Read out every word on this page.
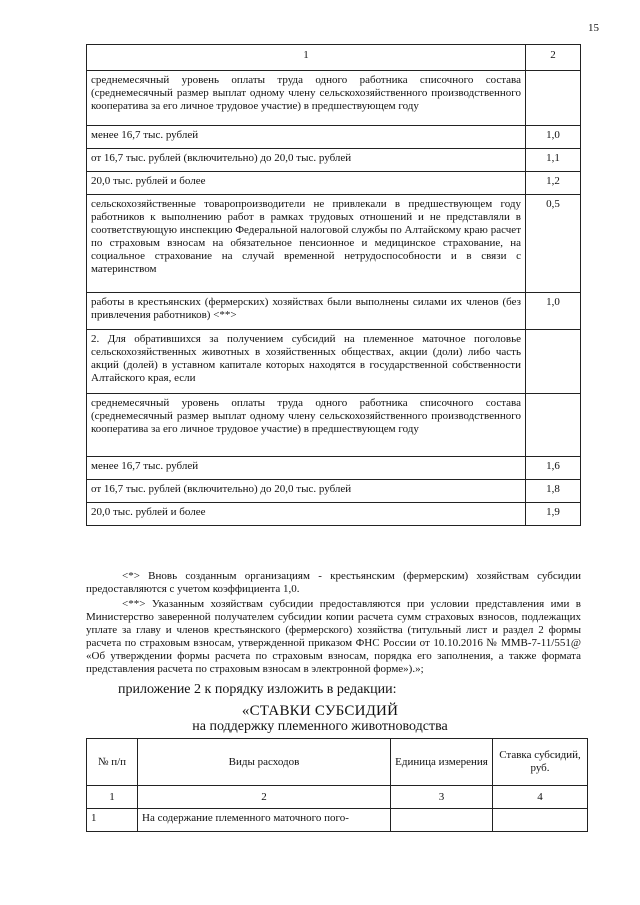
15
1	2
среднемесячный уровень оплаты труда одного работника списочного состава (среднемесячный размер выплат одному члену сельскохозяйственного производственного кооператива за его личное трудовое участие) в предшествующем году	
менее 16,7 тыс. рублей	1,0
от 16,7 тыс. рублей (включительно) до 20,0 тыс. рублей	1,1
20,0 тыс. рублей и более	1,2
сельскохозяйственные товаропроизводители не привлекали в предшествующем году работников к выполнению работ в рамках трудовых отношений и не представляли в соответствующую инспекцию Федеральной налоговой службы по Алтайскому краю расчет по страховым взносам на обязательное пенсионное и медицинское страхование, на социальное страхование на случай временной нетрудоспособности и в связи с материнством	0,5
работы в крестьянских (фермерских) хозяйствах были выполнены силами их членов (без привлечения работников) <**>	1,0
2. Для обратившихся за получением субсидий на племенное маточное поголовье сельскохозяйственных животных в хозяйственных обществах, акции (доли) либо часть акций (долей) в уставном капитале которых находятся в государственной собственности Алтайского края, если	
среднемесячный уровень оплаты труда одного работника списочного состава (среднемесячный размер выплат одному члену сельскохозяйственного производственного кооператива за его личное трудовое участие) в предшествующем году	
менее 16,7 тыс. рублей	1,6
от 16,7 тыс. рублей (включительно) до 20,0 тыс. рублей	1,8
20,0 тыс. рублей и более	1,9

<*> Вновь созданным организациям - крестьянским (фермерским) хозяйствам субсидии предоставляются с учетом коэффициента 1,0.

<**> Указанным хозяйствам субсидии предоставляются при условии представления ими в Министерство заверенной получателем субсидии копии расчета сумм страховых взносов, подлежащих уплате за главу и членов крестьянского (фермерского) хозяйства (титульный лист и раздел 2 формы расчета по страховым взносам, утвержденной приказом ФНС России от 10.10.2016 № ММВ-7-11/551@ «Об утверждении формы расчета по страховым взносам, порядка его заполнения, а также формата представления расчета по страховым взносам в электронной форме»).»;

приложение 2 к порядку изложить в редакции:
«СТАВКИ СУБСИДИЙ
на поддержку племенного животноводства
№ п/п	Виды расходов	Единица измерения	Ставка субсидий, руб.
1	2	3	4
1	На содержание племенного маточного пого-		
